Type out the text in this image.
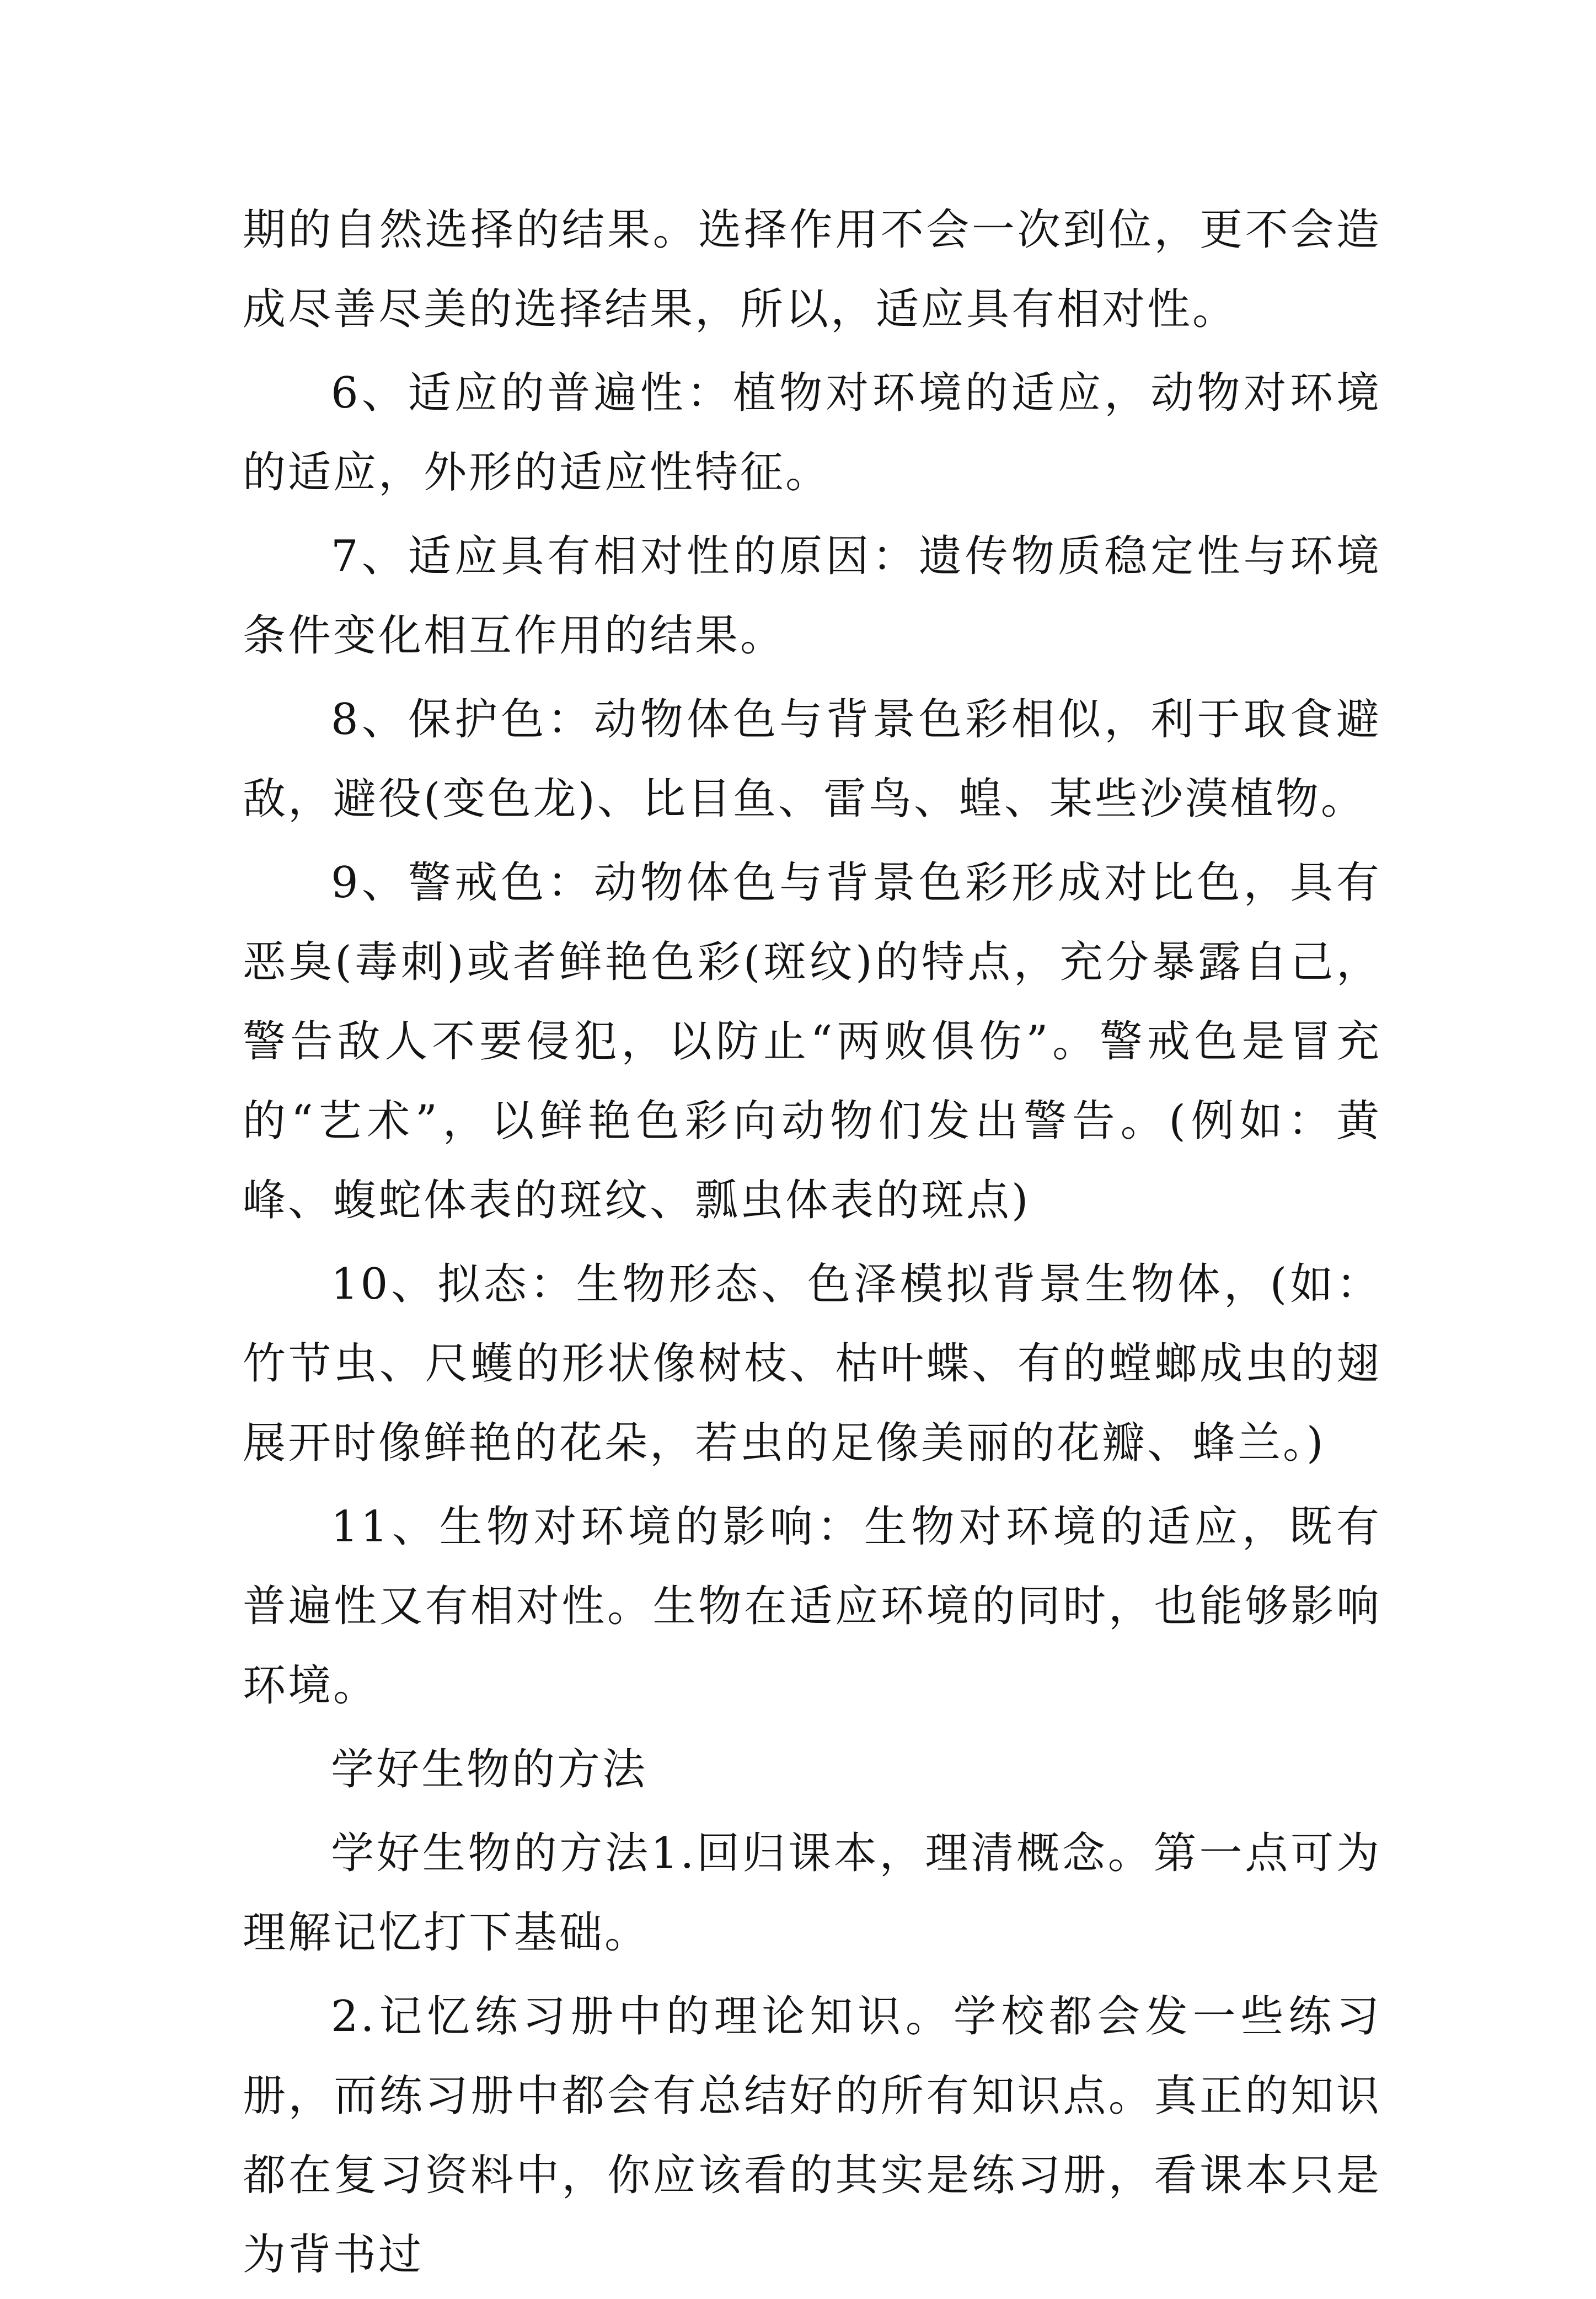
期的自然选择的结果。选择作用不会一次到位，更不会造成尽善尽美的选择结果，所以，适应具有相对性。

6、适应的普遍性：植物对环境的适应，动物对环境的适应，外形的适应性特征。

7、适应具有相对性的原因：遗传物质稳定性与环境条件变化相互作用的结果。

8、保护色：动物体色与背景色彩相似，利于取食避敌，避役(变色龙)、比目鱼、雷鸟、蝗、某些沙漠植物。

9、警戒色：动物体色与背景色彩形成对比色，具有恶臭(毒刺)或者鲜艳色彩(斑纹)的特点，充分暴露自己，警告敌人不要侵犯，以防止“两败俱伤”。警戒色是冒充的“艺术”，以鲜艳色彩向动物们发出警告。(例如：黄峰、蝮蛇体表的斑纹、瓢虫体表的斑点)

10、拟态：生物形态、色泽模拟背景生物体，(如：竹节虫、尺蠖的形状像树枝、枯叶蝶、有的螳螂成虫的翅展开时像鲜艳的花朵，若虫的足像美丽的花瓣、蜂兰。)

11、生物对环境的影响：生物对环境的适应，既有普遍性又有相对性。生物在适应环境的同时，也能够影响环境。

学好生物的方法

学好生物的方法1.回归课本，理清概念。第一点可为理解记忆打下基础。

2.记忆练习册中的理论知识。学校都会发一些练习册，而练习册中都会有总结好的所有知识点。真正的知识都在复习资料中，你应该看的其实是练习册，看课本只是为背书过
